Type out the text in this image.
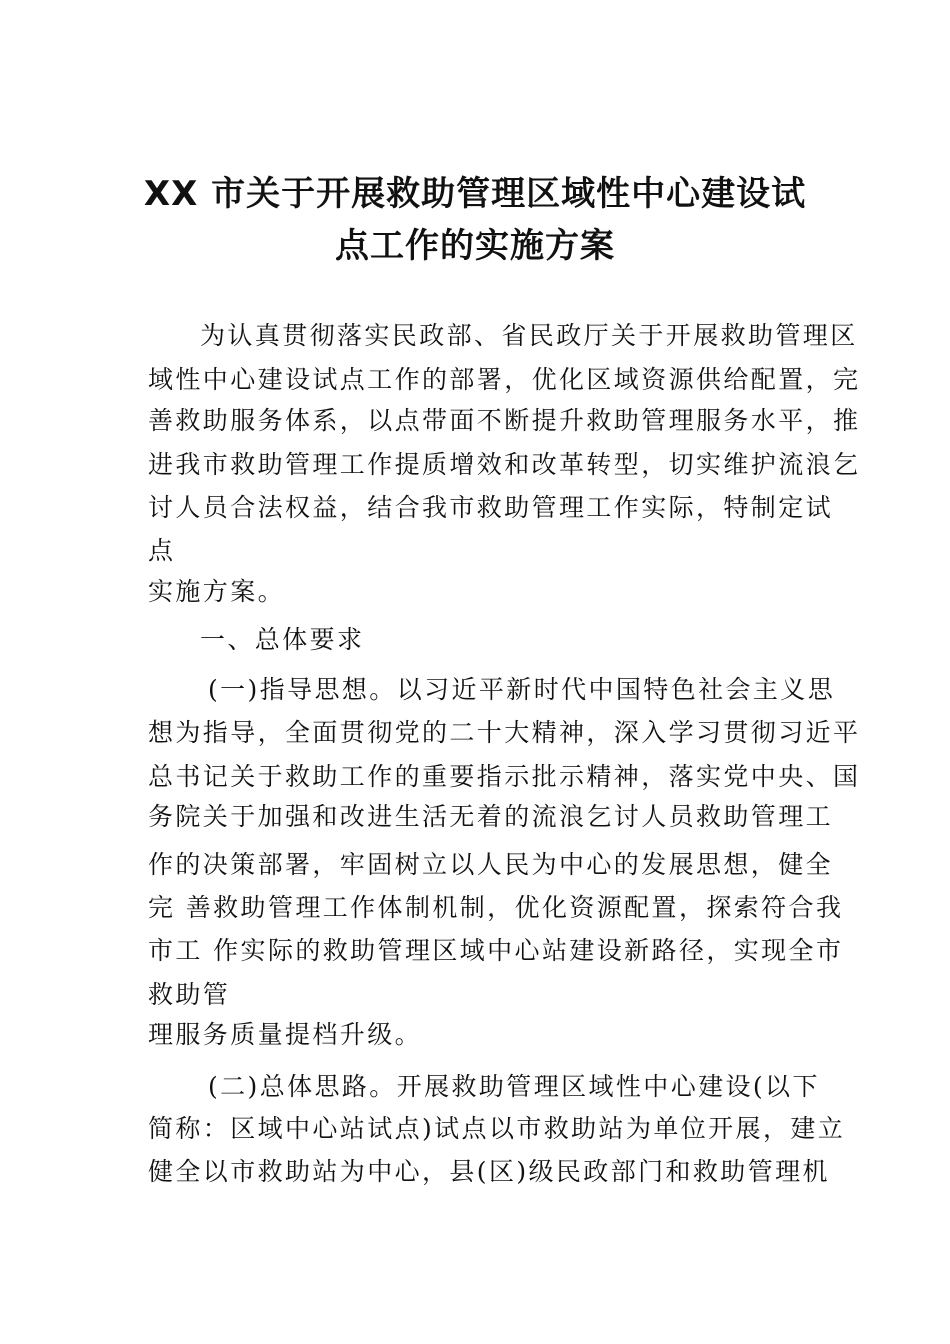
XX 市关于开展救助管理区域性中心建设试
点工作的实施方案
为认真贯彻落实民政部、省民政厅关于开展救助管理区
域性中心建设试点工作的部署，优化区域资源供给配置，完
善救助服务体系，以点带面不断提升救助管理服务水平，推
进我市救助管理工作提质增效和改革转型，切实维护流浪乞
讨人员合法权益，结合我市救助管理工作实际，特制定试
点
实施方案。
一、总体要求
(一)指导思想。以习近平新时代中国特色社会主义思
想为指导，全面贯彻党的二十大精神，深入学习贯彻习近平
总书记关于救助工作的重要指示批示精神，落实党中央、国
务院关于加强和改进生活无着的流浪乞讨人员救助管理工
作的决策部署，牢固树立以人民为中心的发展思想，健全
完 善救助管理工作体制机制，优化资源配置，探索符合我
市工 作实际的救助管理区域中心站建设新路径，实现全市
救助管
理服务质量提档升级。
(二)总体思路。开展救助管理区域性中心建设(以下
简称：区域中心站试点)试点以市救助站为单位开展，建立
健全以市救助站为中心，县(区)级民政部门和救助管理机
